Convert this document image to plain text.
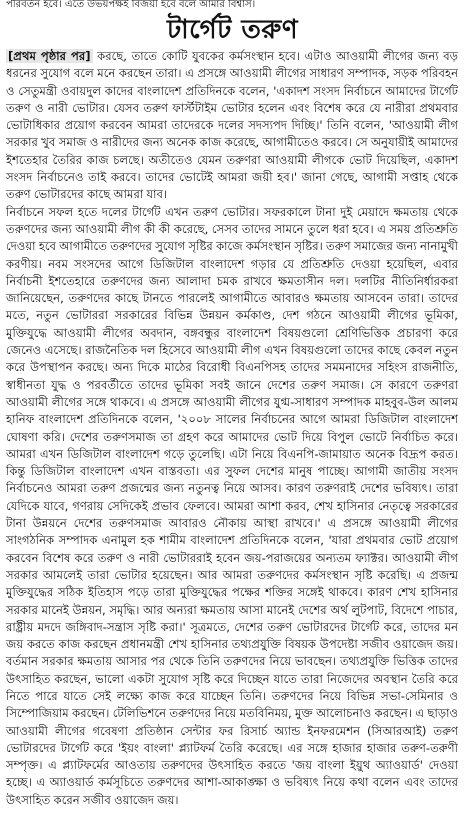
পরিবর্তন হবে। এতে উভয়পক্ষই বিজয়ী হবে বলে আমার বিশ্বাস।
টার্গেট তরুণ

[প্রথম পৃষ্ঠার পর] করছে, তাতে কোটি যুবকের কর্মসংস্থান হবে। এটাও আওয়ামী লীগের জন্য বড় ধরনের সুযোগ বলে মনে করছেন তারা। এ প্রসঙ্গে আওয়ামী লীগের সাধারণ সম্পাদক, সড়ক পরিবহন ও সেতুমন্ত্রী ওবায়দুল কাদের বাংলাদেশ প্রতিদিনকে বলেন, 'একাদশ সংসদ নির্বাচনে আমাদের টার্গেট তরুণ ও নারী ভোটার। যেসব তরুণ ফার্স্টটাইম ভোটার হলেন এবং বিশেষ করে যে নারীরা প্রথমবার ভোটাধিকার প্রয়োগ করবেন আমরা তাদেরকে দলের সদস্যপদ দিচ্ছি।' তিনি বলেন, 'আওয়ামী লীগ সরকার খুব সমাজ ও নারীদের জন্য অনেক কাজ করেছে, আগামীতেও করবে। সে অনুযায়ীই আমাদের ইশতেহার তৈরির কাজ চলছে। অতীতেও যেমন তরুণরা আওয়ামী লীগকে ভোট দিয়েছিল, একাদশ সংসদ নির্বাচনেও তাই করবে। তাদের ভোটেই আমরা জয়ী হব।' জানা গেছে, আগামী সপ্তাহ থেকে তরুণ ভোটারদের কাছে আমরা যাব।

নির্বাচনে সফল হতে দলের টার্গেট এখন তরুণ ভোটার। সফরকালে টানা দুই মেয়াদে ক্ষমতায় থেকে তরুণদের জন্য আওয়ামী লীগ কী কী করেছে, সেসব তাদের সামনে তুলে ধরা হবে। এ সময় প্রতিশ্রুতি দেওয়া হবে আগামীতে তরুণদের সুযোগ সৃষ্টির কাজে কর্মসংস্থান সৃষ্টির। তরুণ সমাজের জন্য নানামুখী করণীয়। নবম সংসদের আগে ডিজিটাল বাংলাদেশ গড়ার যে প্রতিশ্রুতি দেওয়া হয়েছিল, এবার নির্বাচনী ইশতেহারে তরুণদের জন্য আলাদা চমক রাখবে ক্ষমতাসীন দল। দলটির নীতিনির্ধারকরা জানিয়েছেন, তরুণদের কাছে টানতে পারলেই আগামীতে আবারও ক্ষমতায় আসবেন তারা। তাদের মতে, নতুন ভোটাররা সরকারের বিভিন্ন উন্নয়ন কর্মকাণ্ড, দেশ গঠনে আওয়ামী লীগের ভূমিকা, মুক্তিযুদ্ধে আওয়ামী লীগের অবদান, বঙ্গবন্ধুর বাংলাদেশ বিষয়গুলো শ্রেণিভিত্তিক প্রচারণা করে জেনেও এসেছে। রাজনৈতিক দল হিসেবে আওয়ামী লীগ এখন বিষয়গুলো তাদের কাছে কেবল নতুন করে উপস্থাপন করছে। অন্য দিকে মাঠের বিরোধী বিএনপিসহ তাদের সমমনাদের সহিংস রাজনীতি, স্বাধীনতা যুদ্ধ ও পরবর্তীতে তাদের ভূমিকা সবই জানে দেশের তরুণ সমাজ। সে কারণে তরুণরা আওয়ামী লীগের সঙ্গে থাকবে। এ প্রসঙ্গে আওয়ামী লীগের যুগ্ম-সাধারণ সম্পাদক মাহবুব-উল আলম হানিফ বাংলাদেশ প্রতিদিনকে বলেন, '২০০৮ সালের নির্বাচনের আগে আমরা ডিজিটাল বাংলাদেশ ঘোষণা করি। দেশের তরুণসমাজ তা গ্রহণ করে আমাদের ভোট দিয়ে বিপুল ভোটে নির্বাচিত করে। আমরা এখন ডিজিটাল বাংলাদেশ গড়ে তুলেছি। এটা নিয়ে বিএনপি-জামায়াত অনেক বিদ্রূপ করত। কিন্তু ডিজিটাল বাংলাদেশ এখন বাস্তবতা। এর সুফল দেশের মানুষ পাচ্ছে। আগামী জাতীয় সংসদ নির্বাচনেও আমরা তরুণ প্রজন্মের জন্য নতুনত্ব নিয়ে আসব। কারণ তরুণরাই দেশের ভবিষ্যৎ। তারা যেদিকে যাবে, গণরায় সেদিকেই প্রভাব ফেলবে। আমরা আশা করব, শেখ হাসিনার নেতৃত্বে সরকারের টানা উন্নয়নে দেশের তরুণসমাজ আবারও নৌকায় আস্থা রাখবে।' এ প্রসঙ্গে আওয়ামী লীগের সাংগঠনিক সম্পাদক এনামুল হক শামীম বাংলাদেশ প্রতিদিনকে বলেন, 'যারা প্রথমবার ভোট প্রয়োগ করবেন বিশেষ করে তরুণ ও নারী ভোটাররাই হবেন জয়-পরাজয়ের অন্যতম ফ্যাক্টর। আওয়ামী লীগ সরকার আমলেই তারা ভোটার হয়েছেন। আর আমরা তরুণদের কর্মসংস্থান সৃষ্টি করেছি। এ প্রজন্ম মুক্তিযুদ্ধের সঠিক ইতিহাস পড়ে তারা মুক্তিযুদ্ধের পক্ষের শক্তির সঙ্গেই থাকবে। কারণ শেখ হাসিনার সরকার মানেই উন্নয়ন, সমৃদ্ধি। আর অন্যরা ক্ষমতায় আসা মানেই দেশের অর্থ লুটপাট, বিদেশে পাচার, রাষ্ট্রীয় মদদে জঙ্গিবাদ-সন্ত্রাস সৃষ্টি করা।' সূত্রমতে, দেশের তরুণ ভোটারদের টার্গেট করে, তাদের মন জয় করতে কাজ করছেন প্রধানমন্ত্রী শেখ হাসিনার তথ্যপ্রযুক্তি বিষয়ক উপদেষ্টা সজীব ওয়াজেদ জয়। বর্তমান সরকার ক্ষমতায় আসার পর থেকে তিনি তরুণদের নিয়ে ভাবছেন। তথ্যপ্রযুক্তি ভিত্তিক তাদের উৎসাহিত করছেন, ভালো একটা সুযোগ সৃষ্টি করে দিচ্ছেন যাতে তারা নিজেদের অবস্থান তৈরি করে নিতে পারে যাতে সেই লক্ষ্যে কাজ করে যাচ্ছেন তিনি। তরুণদের নিয়ে বিভিন্ন সভা-সেমিনার ও সিম্পোজিয়াম করছেন। টেলিভিশনে তরুণদের নিয়ে মতবিনিময়, মুক্ত আলোচনাও করছেন। এ ছাড়াও আওয়ামী লীগের গবেষণা প্রতিষ্ঠান সেন্টার ফর রিসার্চ অ্যান্ড ইনফরমেশন (সিআরআই) তরুণ ভোটারদের টার্গেট করে 'ইয়ং বাংলা' প্ল্যাটফর্ম তৈরি করেছে। এর সঙ্গে হাজার হাজার তরুণ-তরুণী সম্পৃক্ত। এ প্ল্যাটফর্মের আওতায় তরুণদের উৎসাহিত করতে 'জয় বাংলা ইয়ুথ অ্যাওয়ার্ড' দেওয়া হচ্ছে। এ অ্যাওয়ার্ড কর্মসূচিতে তরুণদের আশা-আকাঙ্ক্ষা ও ভবিষ্যৎ নিয়ে কথা বলেন এবং তাদের উৎসাহিত করেন সজীব ওয়াজেদ জয়।
